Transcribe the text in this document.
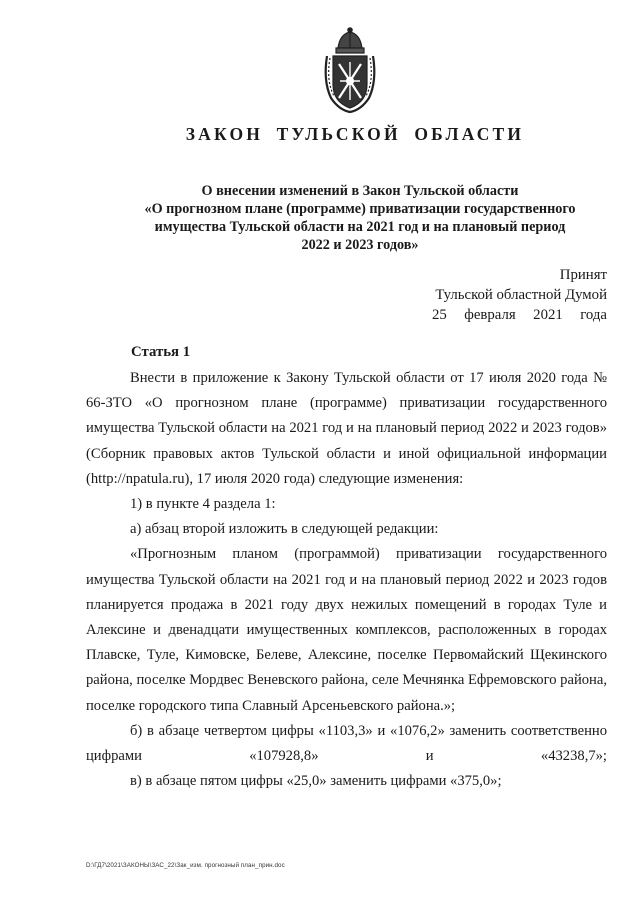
ЗАКОН ТУЛЬСКОЙ ОБЛАСТИ
О внесении изменений в Закон Тульской области
«О прогнозном плане (программе) приватизации государственного
имущества Тульской области на 2021 год и на плановый период
2022 и 2023 годов»
Принят
Тульской областной Думой
25 февраля 2021 года
Статья 1

Внести в приложение к Закону Тульской области от 17 июля 2020 года № 66-ЗТО «О прогнозном плане (программе) приватизации государственного имущества Тульской области на 2021 год и на плановый период 2022 и 2023 годов» (Сборник правовых актов Тульской области и иной официальной информации (http://npatula.ru), 17 июля 2020 года) следующие изменения:

1) в пункте 4 раздела 1:

а) абзац второй изложить в следующей редакции:

«Прогнозным планом (программой) приватизации государственного имущества Тульской области на 2021 год и на плановый период 2022 и 2023 годов планируется продажа в 2021 году двух нежилых помещений в городах Туле и Алексине и двенадцати имущественных комплексов, расположенных в городах Плавске, Туле, Кимовске, Белеве, Алексине, поселке Первомайский Щекинского района, поселке Мордвес Веневского района, селе Мечнянка Ефремовского района, поселке городского типа Славный Арсеньевского района.»;

б) в абзаце четвертом цифры «1103,3» и «1076,2» заменить соответственно цифрами «107928,8» и «43238,7»;

в) в абзаце пятом цифры «25,0» заменить цифрами «375,0»;

D:\ГД7\2021\ЗАКОНЫ\ЗАС_22\Зак_изм. прогнозный план_прин.doc
